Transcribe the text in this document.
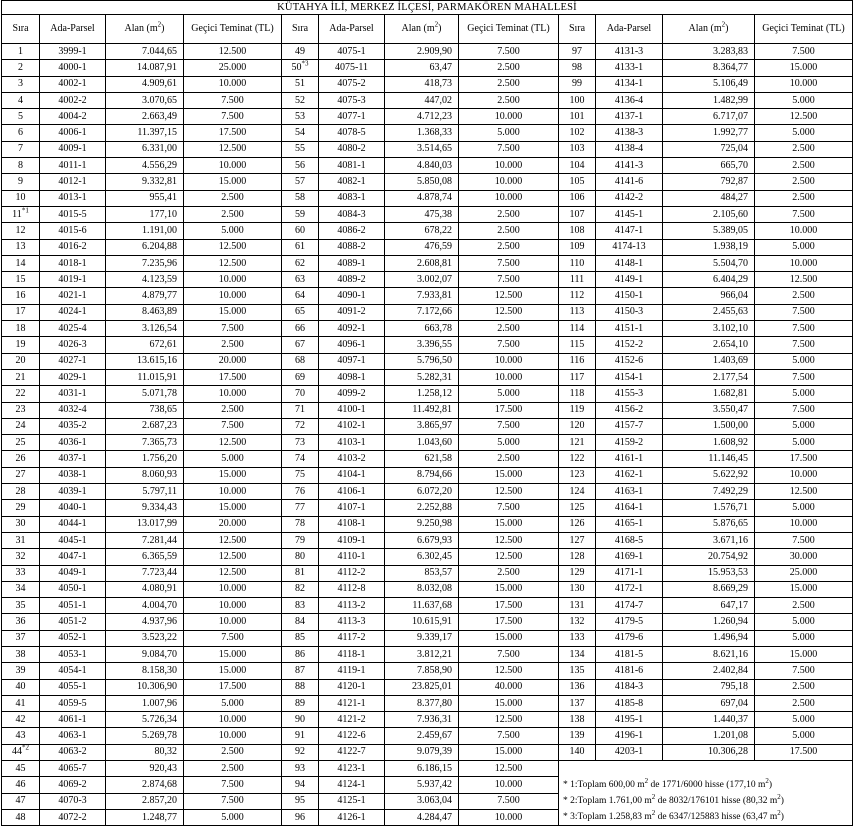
KÜTAHYA İLİ, MERKEZ İLÇESİ, PARMAKÖREN MAHALLESİ											
Sıra	Ada-Parsel	Alan $(m^2)$	Geçici Teminat (TL)	Sıra	Ada-Parsel	Alan $(m^2)$	Geçici Teminat (TL)	Sıra	Ada-Parsel	Alan $(m^2)$	Geçici Teminat (TL)
1	3999-1	7.044,65	12.500	49	4075-1	2.909,90	7.500	97	4131-3	3.283,83	7.500
2	4000-1	14.087,91	25.000	50$^{*3}$	4075-11	63,47	2.500	98	4133-1	8.364,77	15.000
3	4002-1	4.909,61	10.000	51	4075-2	418,73	2.500	99	4134-1	5.106,49	10.000
4	4002-2	3.070,65	7.500	52	4075-3	447,02	2.500	100	4136-4	1.482,99	5.000
5	4004-2	2.663,49	7.500	53	4077-1	4.712,23	10.000	101	4137-1	6.717,07	12.500
6	4006-1	11.397,15	17.500	54	4078-5	1.368,33	5.000	102	4138-3	1.992,77	5.000
7	4009-1	6.331,00	12.500	55	4080-2	3.514,65	7.500	103	4138-4	725,04	2.500
8	4011-1	4.556,29	10.000	56	4081-1	4.840,03	10.000	104	4141-3	665,70	2.500
9	4012-1	9.332,81	15.000	57	4082-1	5.850,08	10.000	105	4141-6	792,87	2.500
10	4013-1	955,41	2.500	58	4083-1	4.878,74	10.000	106	4142-2	484,27	2.500
11$^{*1}$	4015-5	177,10	2.500	59	4084-3	475,38	2.500	107	4145-1	2.105,60	7.500
12	4015-6	1.191,00	5.000	60	4086-2	678,22	2.500	108	4147-1	5.389,05	10.000
13	4016-2	6.204,88	12.500	61	4088-2	476,59	2.500	109	4174-13	1.938,19	5.000
14	4018-1	7.235,96	12.500	62	4089-1	2.608,81	7.500	110	4148-1	5.504,70	10.000
15	4019-1	4.123,59	10.000	63	4089-2	3.002,07	7.500	111	4149-1	6.404,29	12.500
16	4021-1	4.879,77	10.000	64	4090-1	7.933,81	12.500	112	4150-1	966,04	2.500
17	4024-1	8.463,89	15.000	65	4091-2	7.172,66	12.500	113	4150-3	2.455,63	7.500
18	4025-4	3.126,54	7.500	66	4092-1	663,78	2.500	114	4151-1	3.102,10	7.500
19	4026-3	672,61	2.500	67	4096-1	3.396,55	7.500	115	4152-2	2.654,10	7.500
20	4027-1	13.615,16	20.000	68	4097-1	5.796,50	10.000	116	4152-6	1.403,69	5.000
21	4029-1	11.015,91	17.500	69	4098-1	5.282,31	10.000	117	4154-1	2.177,54	7.500
22	4031-1	5.071,78	10.000	70	4099-2	1.258,12	5.000	118	4155-3	1.682,81	5.000
23	4032-4	738,65	2.500	71	4100-1	11.492,81	17.500	119	4156-2	3.550,47	7.500
24	4035-2	2.687,23	7.500	72	4102-1	3.865,97	7.500	120	4157-7	1.500,00	5.000
25	4036-1	7.365,73	12.500	73	4103-1	1.043,60	5.000	121	4159-2	1.608,92	5.000
26	4037-1	1.756,20	5.000	74	4103-2	621,58	2.500	122	4161-1	11.146,45	17.500
27	4038-1	8.060,93	15.000	75	4104-1	8.794,66	15.000	123	4162-1	5.622,92	10.000
28	4039-1	5.797,11	10.000	76	4106-1	6.072,20	12.500	124	4163-1	7.492,29	12.500
29	4040-1	9.334,43	15.000	77	4107-1	2.252,88	7.500	125	4164-1	1.576,71	5.000
30	4044-1	13.017,99	20.000	78	4108-1	9.250,98	15.000	126	4165-1	5.876,65	10.000
31	4045-1	7.281,44	12.500	79	4109-1	6.679,93	12.500	127	4168-5	3.671,16	7.500
32	4047-1	6.365,59	12.500	80	4110-1	6.302,45	12.500	128	4169-1	20.754,92	30.000
33	4049-1	7.723,44	12.500	81	4112-2	853,57	2.500	129	4171-1	15.953,53	25.000
34	4050-1	4.080,91	10.000	82	4112-8	8.032,08	15.000	130	4172-1	8.669,29	15.000
35	4051-1	4.004,70	10.000	83	4113-2	11.637,68	17.500	131	4174-7	647,17	2.500
36	4051-2	4.937,96	10.000	84	4113-3	10.615,91	17.500	132	4179-5	1.260,94	5.000
37	4052-1	3.523,22	7.500	85	4117-2	9.339,17	15.000	133	4179-6	1.496,94	5.000
38	4053-1	9.084,70	15.000	86	4118-1	3.812,21	7.500	134	4181-5	8.621,16	15.000
39	4054-1	8.158,30	15.000	87	4119-1	7.858,90	12.500	135	4181-6	2.402,84	7.500
40	4055-1	10.306,90	17.500	88	4120-1	23.825,01	40.000	136	4184-3	795,18	2.500
41	4059-5	1.007,96	5.000	89	4121-1	8.377,80	15.000	137	4185-8	697,04	2.500
42	4061-1	5.726,34	10.000	90	4121-2	7.936,31	12.500	138	4195-1	1.440,37	5.000
43	4063-1	5.269,78	10.000	91	4122-6	2.459,67	7.500	139	4196-1	1.201,08	5.000
44$^{*2}$	4063-2	80,32	2.500	92	4122-7	9.079,39	15.000	140	4203-1	10.306,28	17.500
45	4065-7	920,43	2.500	93	4123-1	6.186,15	12.500				
46	4069-2	2.874,68	7.500	94	4124-1	5.937,42	10.000	* 1:Toplam 600,00 $m^2$ de 1771/6000 hisse (177,10 $m^2$)			
47	4070-3	2.857,20	7.500	95	4125-1	3.063,04	7.500	* 2:Toplam 1.761,00 $m^2$ de 8032/176101 hisse (80,32 $m^2$)			
48	4072-2	1.248,77	5.000	96	4126-1	4.284,47	10.000	* 3:Toplam 1.258,83 $m^2$ de 6347/125883 hisse (63,47 $m^2$)			
